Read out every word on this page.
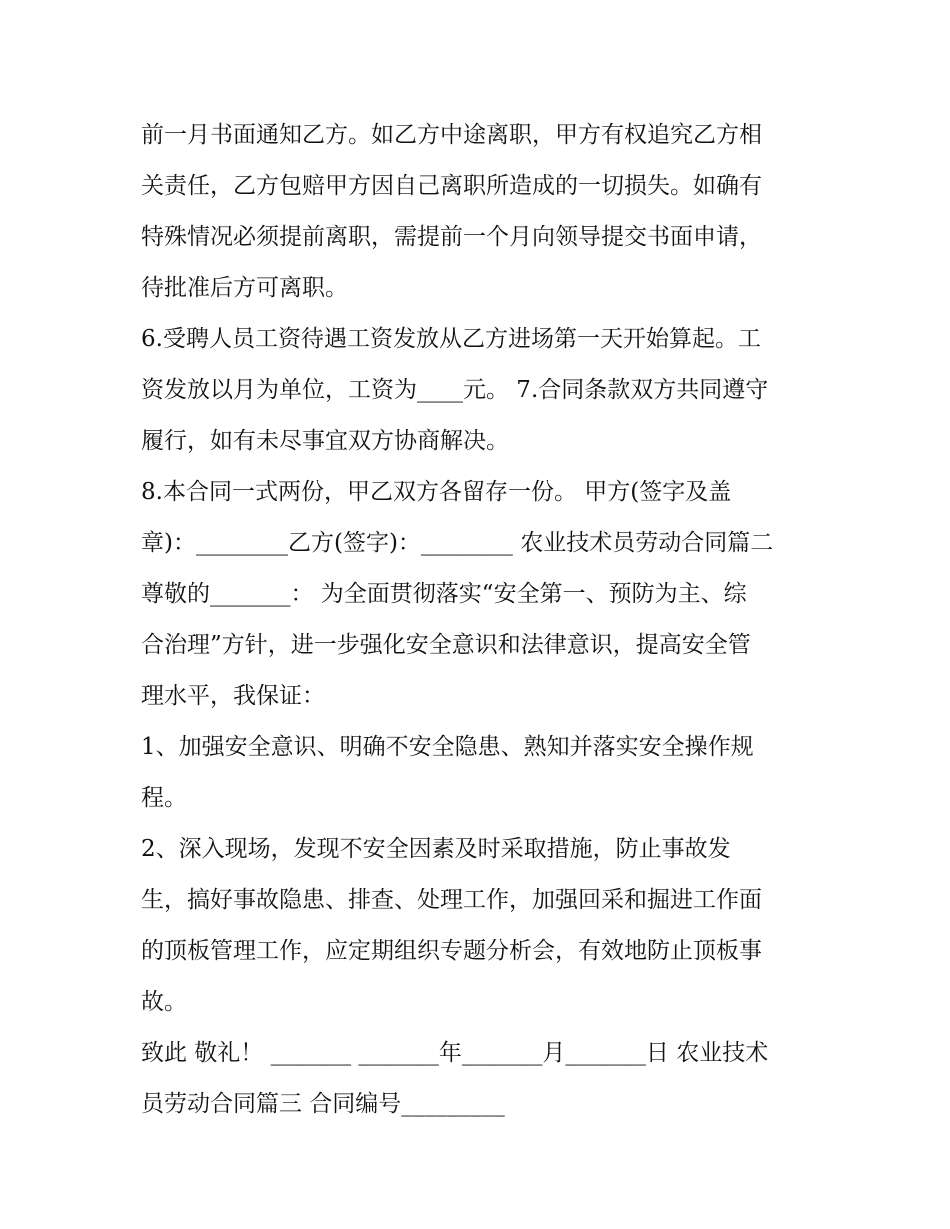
前一月书面通知乙方。如乙方中途离职，甲方有权追究乙方相
关责任，乙方包赔甲方因自己离职所造成的一切损失。如确有
特殊情况必须提前离职，需提前一个月向领导提交书面申请，
待批准后方可离职。
6.受聘人员工资待遇工资发放从乙方进场第一天开始算起。工
资发放以月为单位，工资为____元。 7.合同条款双方共同遵守
履行，如有未尽事宜双方协商解决。
8.本合同一式两份，甲乙双方各留存一份。 甲方(签字及盖
章)：________乙方(签字)：________ 农业技术员劳动合同篇二
尊敬的_______： 为全面贯彻落实“安全第一、预防为主、综
合治理”方针，进一步强化安全意识和法律意识，提高安全管
理水平，我保证：
1、加强安全意识、明确不安全隐患、熟知并落实安全操作规
程。
2、深入现场，发现不安全因素及时采取措施，防止事故发
生，搞好事故隐患、排查、处理工作，加强回采和掘进工作面
的顶板管理工作，应定期组织专题分析会，有效地防止顶板事
故。
致此 敬礼！ _______ _______年_______月_______日 农业技术
员劳动合同篇三 合同编号_________
